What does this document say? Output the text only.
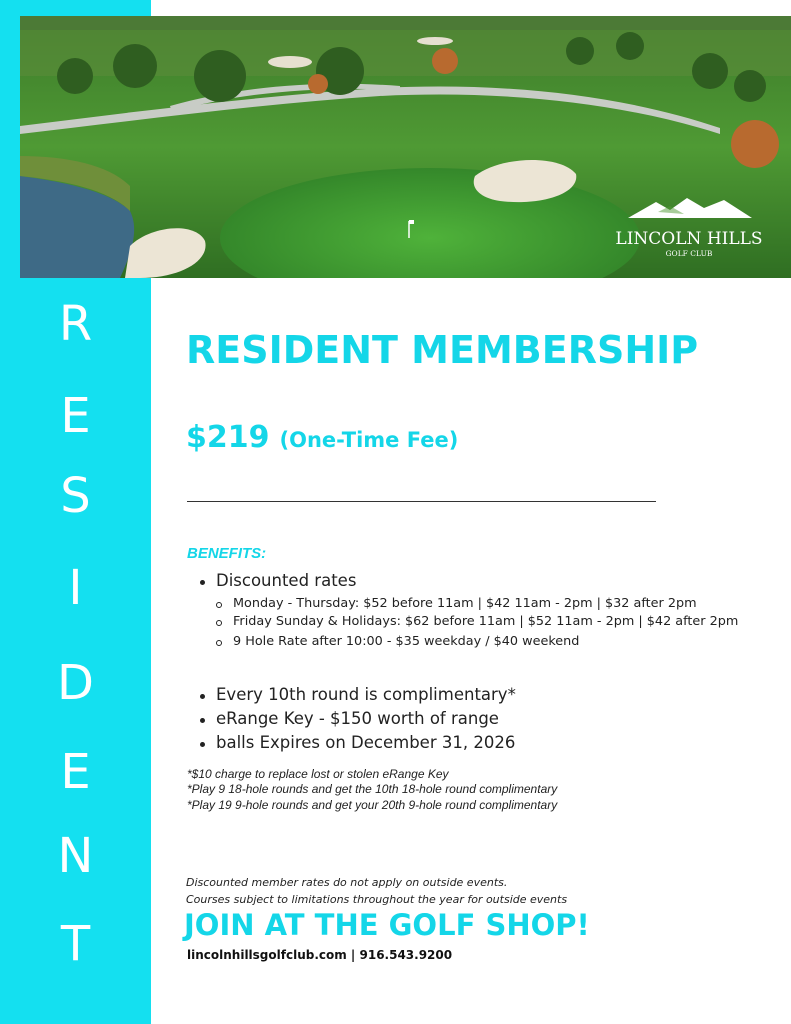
R
E
S
I
D
E
N
T
LINCOLN HILLS
GOLF CLUB
RESIDENT MEMBERSHIP
$219 (One-Time Fee)
BENEFITS:
Discounted rates
Monday - Thursday: $52 before 11am | $42 11am - 2pm | $32 after 2pm
Friday Sunday & Holidays: $62 before 11am | $52 11am - 2pm | $42 after 2pm
9 Hole Rate after 10:00 - $35 weekday / $40 weekend
Every 10th round is complimentary*
eRange Key - $150 worth of range
balls Expires on December 31, 2026
*$10 charge to replace lost or stolen eRange Key
*Play 9 18-hole rounds and get the 10th 18-hole round complimentary
*Play 19 9-hole rounds and get your 20th 9-hole round complimentary
Discounted member rates do not apply on outside events.
Courses subject to limitations throughout the year for outside events
JOIN AT THE GOLF SHOP!
lincolnhillsgolfclub.com | 916.543.9200
